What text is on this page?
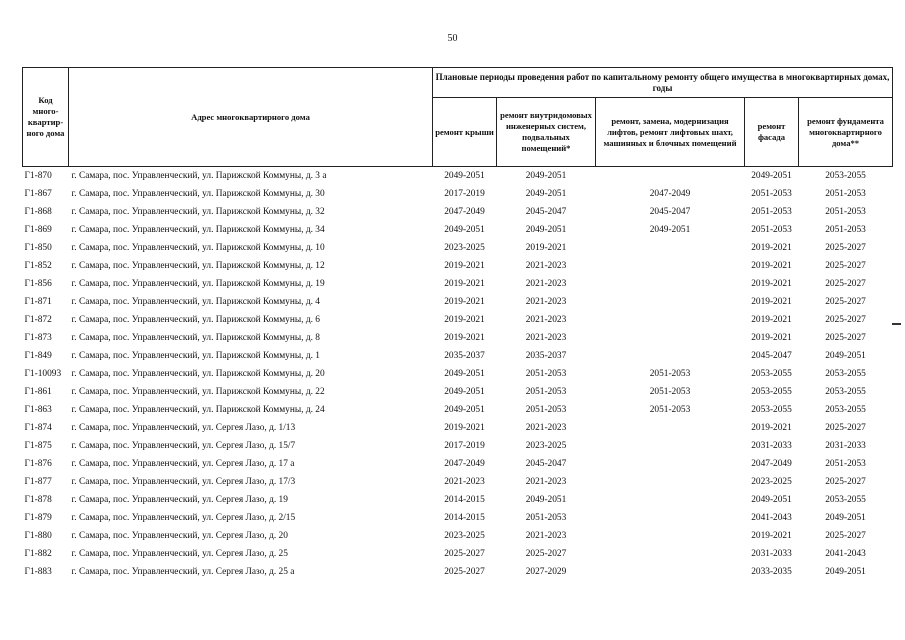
50
Код много-квартир-ного дома	Адрес многоквартирного дома	Плановые периоды проведения работ по капитальному ремонту общего имущества в многоквартирных домах, годы				
		ремонт крыши	ремонт внутридомовых инженерных систем, подвальных помещений*	ремонт, замена, модернизация лифтов, ремонт лифтовых шахт, машинных и блочных помещений	ремонт фасада	ремонт фундамента многоквартирного дома**
Г1-870	г. Самара, пос. Управленческий, ул. Парижской Коммуны, д. 3 а	2049-2051	2049-2051		2049-2051	2053-2055
Г1-867	г. Самара, пос. Управленческий, ул. Парижской Коммуны, д. 30	2017-2019	2049-2051	2047-2049	2051-2053	2051-2053
Г1-868	г. Самара, пос. Управленческий, ул. Парижской Коммуны, д. 32	2047-2049	2045-2047	2045-2047	2051-2053	2051-2053
Г1-869	г. Самара, пос. Управленческий, ул. Парижской Коммуны, д. 34	2049-2051	2049-2051	2049-2051	2051-2053	2051-2053
Г1-850	г. Самара, пос. Управленческий, ул. Парижской Коммуны, д. 10	2023-2025	2019-2021		2019-2021	2025-2027
Г1-852	г. Самара, пос. Управленческий, ул. Парижской Коммуны, д. 12	2019-2021	2021-2023		2019-2021	2025-2027
Г1-856	г. Самара, пос. Управленческий, ул. Парижской Коммуны, д. 19	2019-2021	2021-2023		2019-2021	2025-2027
Г1-871	г. Самара, пос. Управленческий, ул. Парижской Коммуны, д. 4	2019-2021	2021-2023		2019-2021	2025-2027
Г1-872	г. Самара, пос. Управленческий, ул. Парижской Коммуны, д. 6	2019-2021	2021-2023		2019-2021	2025-2027
Г1-873	г. Самара, пос. Управленческий, ул. Парижской Коммуны, д. 8	2019-2021	2021-2023		2019-2021	2025-2027
Г1-849	г. Самара, пос. Управленческий, ул. Парижской Коммуны, д. 1	2035-2037	2035-2037		2045-2047	2049-2051
Г1-10093	г. Самара, пос. Управленческий, ул. Парижской Коммуны, д. 20	2049-2051	2051-2053	2051-2053	2053-2055	2053-2055
Г1-861	г. Самара, пос. Управленческий, ул. Парижской Коммуны, д. 22	2049-2051	2051-2053	2051-2053	2053-2055	2053-2055
Г1-863	г. Самара, пос. Управленческий, ул. Парижской Коммуны, д. 24	2049-2051	2051-2053	2051-2053	2053-2055	2053-2055
Г1-874	г. Самара, пос. Управленческий, ул. Сергея Лазо, д. 1/13	2019-2021	2021-2023		2019-2021	2025-2027
Г1-875	г. Самара, пос. Управленческий, ул. Сергея Лазо, д. 15/7	2017-2019	2023-2025		2031-2033	2031-2033
Г1-876	г. Самара, пос. Управленческий, ул. Сергея Лазо, д. 17 а	2047-2049	2045-2047		2047-2049	2051-2053
Г1-877	г. Самара, пос. Управленческий, ул. Сергея Лазо, д. 17/3	2021-2023	2021-2023		2023-2025	2025-2027
Г1-878	г. Самара, пос. Управленческий, ул. Сергея Лазо, д. 19	2014-2015	2049-2051		2049-2051	2053-2055
Г1-879	г. Самара, пос. Управленческий, ул. Сергея Лазо, д. 2/15	2014-2015	2051-2053		2041-2043	2049-2051
Г1-880	г. Самара, пос. Управленческий, ул. Сергея Лазо, д. 20	2023-2025	2021-2023		2019-2021	2025-2027
Г1-882	г. Самара, пос. Управленческий, ул. Сергея Лазо, д. 25	2025-2027	2025-2027		2031-2033	2041-2043
Г1-883	г. Самара, пос. Управленческий, ул. Сергея Лазо, д. 25 а	2025-2027	2027-2029		2033-2035	2049-2051
